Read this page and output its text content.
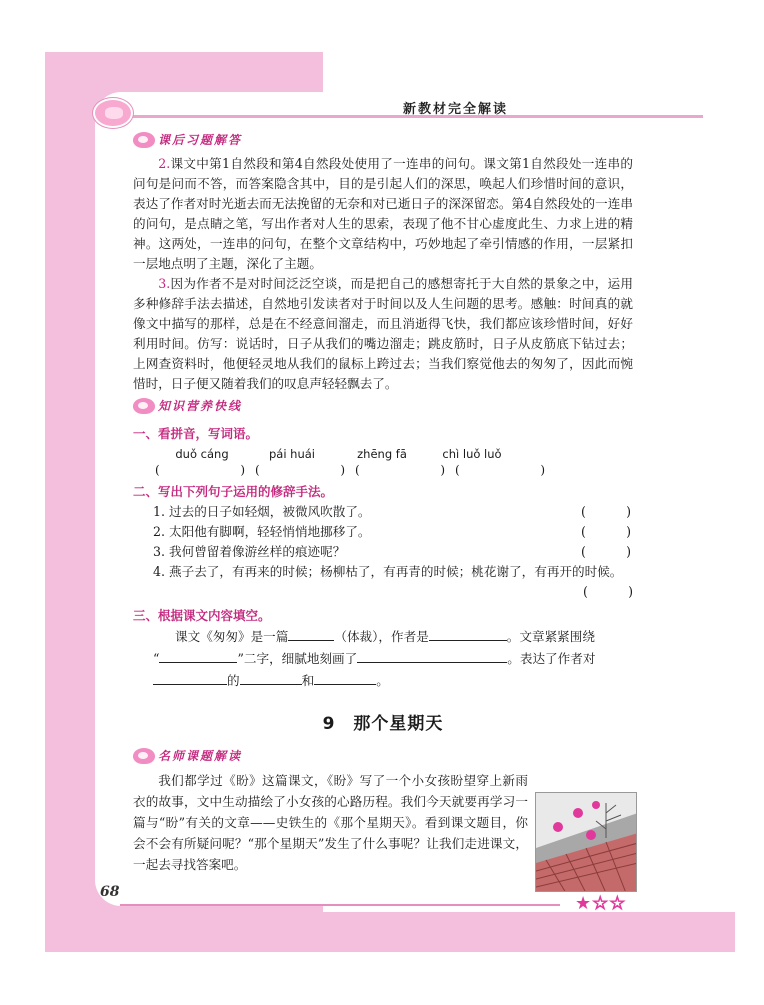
新教材完全解读
课后习题解答

2.课文中第1自然段和第4自然段处使用了一连串的问句。课文第1自然段处一连串的问句是问而不答，而答案隐含其中，目的是引起人们的深思，唤起人们珍惜时间的意识，表达了作者对时光逝去而无法挽留的无奈和对已逝日子的深深留恋。第4自然段处的一连串的问句，是点睛之笔，写出作者对人生的思索，表现了他不甘心虚度此生、力求上进的精神。这两处，一连串的问句，在整个文章结构中，巧妙地起了牵引情感的作用，一层紧扣一层地点明了主题，深化了主题。

3.因为作者不是对时间泛泛空谈，而是把自己的感想寄托于大自然的景象之中，运用多种修辞手法去描述，自然地引发读者对于时间以及人生问题的思考。感触：时间真的就像文中描写的那样，总是在不经意间溜走，而且消逝得飞快，我们都应该珍惜时间，好好利用时间。仿写：说话时，日子从我们的嘴边溜走；跳皮筋时，日子从皮筋底下钻过去；上网查资料时，他便轻灵地从我们的鼠标上跨过去；当我们察觉他去的匆匆了，因此而惋惜时，日子便又随着我们的叹息声轻轻飘去了。

知识营养快线
一、看拼音，写词语。
duǒ cáng	pái huái	zhēng fā	chì luǒ luǒ
(	) (	) (	) (	)
二、写出下列句子运用的修辞手法。
1. 过去的日子如轻烟，被微风吹散了。	(	)
2. 太阳他有脚啊，轻轻悄悄地挪移了。	(	)
3. 我何曾留着像游丝样的痕迹呢？	(	)
4. 燕子去了，有再来的时候；杨柳枯了，有再青的时候；桃花谢了，有再开的时候。
(	)
三、根据课文内容填空。
课文《匆匆》是一篇	（体裁），作者是	。文章紧紧围绕
“	”二字，细腻地刻画了	。表达了作者对
的	和	。
9　那个星期天
名师课题解读

我们都学过《盼》这篇课文，《盼》写了一个小女孩盼望穿上新雨衣的故事，文中生动描绘了小女孩的心路历程。我们今天就要再学习一篇与“盼”有关的文章——史铁生的《那个星期天》。看到课文题目，你会不会有所疑问呢？“那个星期天”发生了什么事呢？让我们走进课文，一起去寻找答案吧。

68
★☆☆
